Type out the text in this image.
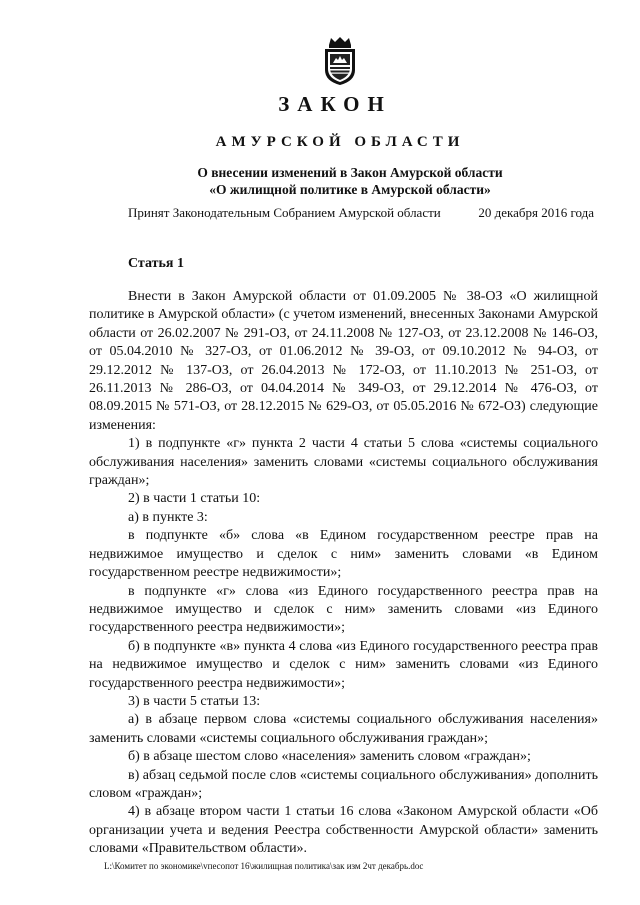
ЗАКОН
АМУРСКОЙ ОБЛАСТИ
О внесении изменений в Закон Амурской области
«О жилищной политике в Амурской области»
Принят Законодательным Собранием Амурской области	20 декабря 2016 года
Статья 1

Внести в Закон Амурской области от 01.09.2005 № 38-ОЗ «О жилищной политике в Амурской области» (с учетом изменений, внесенных Законами Амурской области от 26.02.2007 № 291-ОЗ, от 24.11.2008 № 127-ОЗ, от 23.12.2008 № 146-ОЗ, от 05.04.2010 № 327-ОЗ, от 01.06.2012 № 39-ОЗ, от 09.10.2012 № 94-ОЗ, от 29.12.2012 № 137-ОЗ, от 26.04.2013 № 172-ОЗ, от 11.10.2013 № 251-ОЗ, от 26.11.2013 № 286-ОЗ, от 04.04.2014 № 349-ОЗ, от 29.12.2014 № 476-ОЗ, от 08.09.2015 № 571-ОЗ, от 28.12.2015 № 629-ОЗ, от 05.05.2016 № 672-ОЗ) следующие изменения:

1) в подпункте «г» пункта 2 части 4 статьи 5 слова «системы социального обслуживания населения» заменить словами «системы социального обслуживания граждан»;

2) в части 1 статьи 10:

а) в пункте 3:

в подпункте «б» слова «в Едином государственном реестре прав на недвижимое имущество и сделок с ним» заменить словами «в Едином государственном реестре недвижимости»;

в подпункте «г» слова «из Единого государственного реестра прав на недвижимое имущество и сделок с ним» заменить словами «из Единого государственного реестра недвижимости»;

б) в подпункте «в» пункта 4 слова «из Единого государственного реестра прав на недвижимое имущество и сделок с ним» заменить словами «из Единого государственного реестра недвижимости»;

3) в части 5 статьи 13:

а) в абзаце первом слова «системы социального обслуживания населения» заменить словами «системы социального обслуживания граждан»;

б) в абзаце шестом слово «населения» заменить словом «граждан»;

в) абзац седьмой после слов «системы социального обслуживания» дополнить словом «граждан»;

4) в абзаце втором части 1 статьи 16 слова «Законом Амурской области «Об организации учета и ведения Реестра собственности Амурской области» заменить словами «Правительством области».

L:\Комитет по экономике\vпесопот 16\жилищная политика\зак изм 2чт декабрь.doc
